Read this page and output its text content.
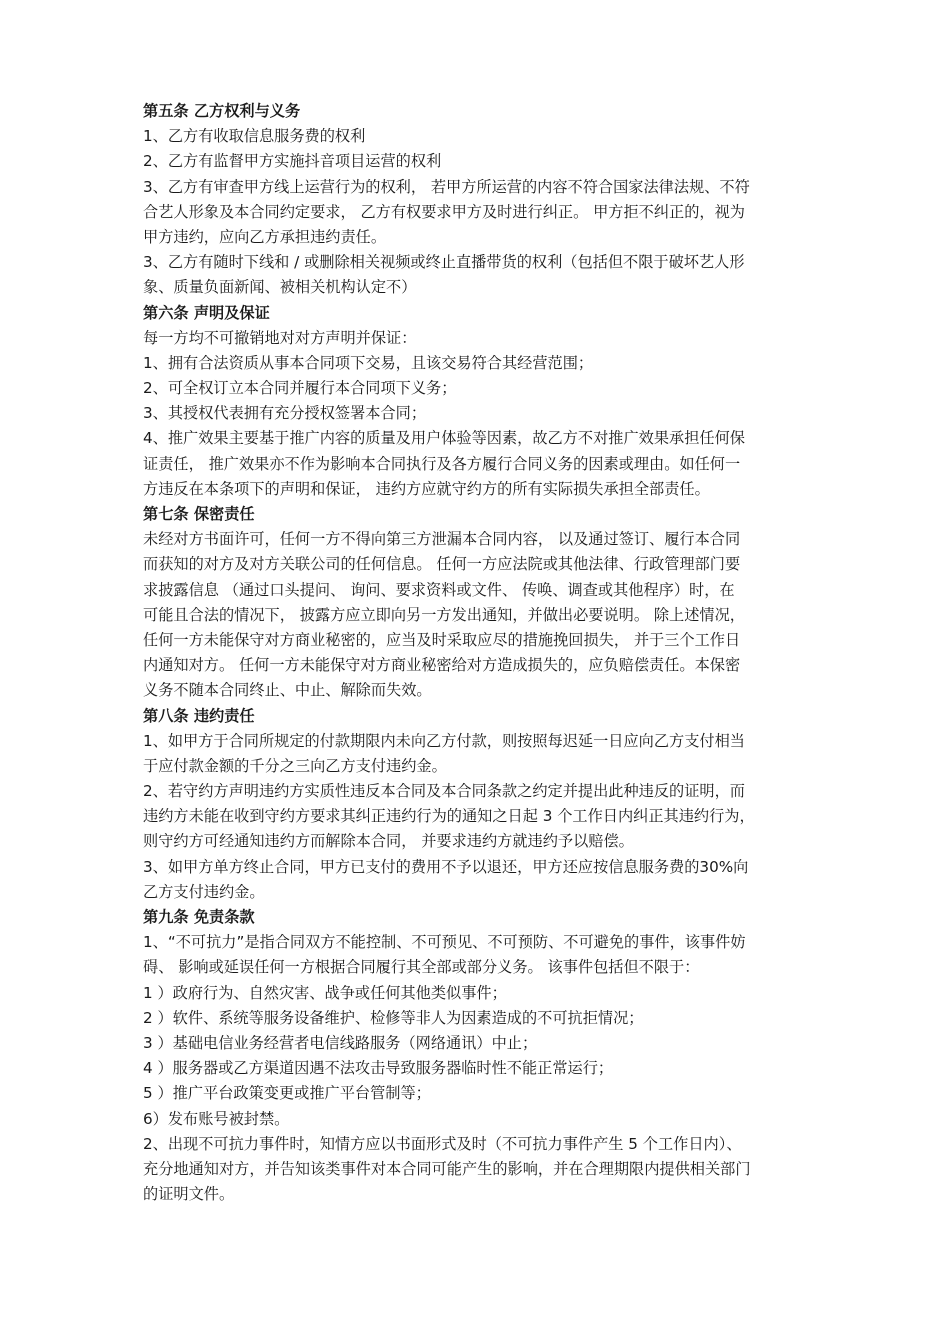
第五条 乙方权利与义务
1、乙方有收取信息服务费的权利
2、乙方有监督甲方实施抖音项目运营的权利
3、乙方有审查甲方线上运营行为的权利， 若甲方所运营的内容不符合国家法律法规、不符
合艺人形象及本合同约定要求， 乙方有权要求甲方及时进行纠正。 甲方拒不纠正的，视为
甲方违约，应向乙方承担违约责任。
3、乙方有随时下线和 / 或删除相关视频或终止直播带货的权利（包括但不限于破坏艺人形
象、质量负面新闻、被相关机构认定不）
第六条 声明及保证
每一方均不可撤销地对对方声明并保证：
1、拥有合法资质从事本合同项下交易，且该交易符合其经营范围；
2、可全权订立本合同并履行本合同项下义务；
3、其授权代表拥有充分授权签署本合同；
4、推广效果主要基于推广内容的质量及用户体验等因素，故乙方不对推广效果承担任何保
证责任， 推广效果亦不作为影响本合同执行及各方履行合同义务的因素或理由。如任何一
方违反在本条项下的声明和保证， 违约方应就守约方的所有实际损失承担全部责任。
第七条 保密责任
未经对方书面许可，任何一方不得向第三方泄漏本合同内容， 以及通过签订、履行本合同
而获知的对方及对方关联公司的任何信息。 任何一方应法院或其他法律、行政管理部门要
求披露信息 （通过口头提问、 询问、要求资料或文件、 传唤、调查或其他程序）时，在
可能且合法的情况下， 披露方应立即向另一方发出通知，并做出必要说明。 除上述情况，
任何一方未能保守对方商业秘密的，应当及时采取应尽的措施挽回损失， 并于三个工作日
内通知对方。 任何一方未能保守对方商业秘密给对方造成损失的，应负赔偿责任。本保密
义务不随本合同终止、中止、解除而失效。
第八条 违约责任
1、如甲方于合同所规定的付款期限内未向乙方付款，则按照每迟延一日应向乙方支付相当
于应付款金额的千分之三向乙方支付违约金。
2、若守约方声明违约方实质性违反本合同及本合同条款之约定并提出此种违反的证明，而
违约方未能在收到守约方要求其纠正违约行为的通知之日起 3 个工作日内纠正其违约行为，
则守约方可经通知违约方而解除本合同， 并要求违约方就违约予以赔偿。
3、如甲方单方终止合同，甲方已支付的费用不予以退还，甲方还应按信息服务费的30%向
乙方支付违约金。
第九条 免责条款
1、“不可抗力”是指合同双方不能控制、不可预见、不可预防、不可避免的事件，该事件妨
碍、 影响或延误任何一方根据合同履行其全部或部分义务。 该事件包括但不限于：
1 ）政府行为、自然灾害、战争或任何其他类似事件；
2 ）软件、系统等服务设备维护、检修等非人为因素造成的不可抗拒情况；
3 ）基础电信业务经营者电信线路服务（网络通讯）中止；
4 ）服务器或乙方渠道因遇不法攻击导致服务器临时性不能正常运行；
5 ）推广平台政策变更或推广平台管制等；
6）发布账号被封禁。
2、出现不可抗力事件时，知情方应以书面形式及时（不可抗力事件产生 5 个工作日内）、
充分地通知对方，并告知该类事件对本合同可能产生的影响，并在合理期限内提供相关部门
的证明文件。
